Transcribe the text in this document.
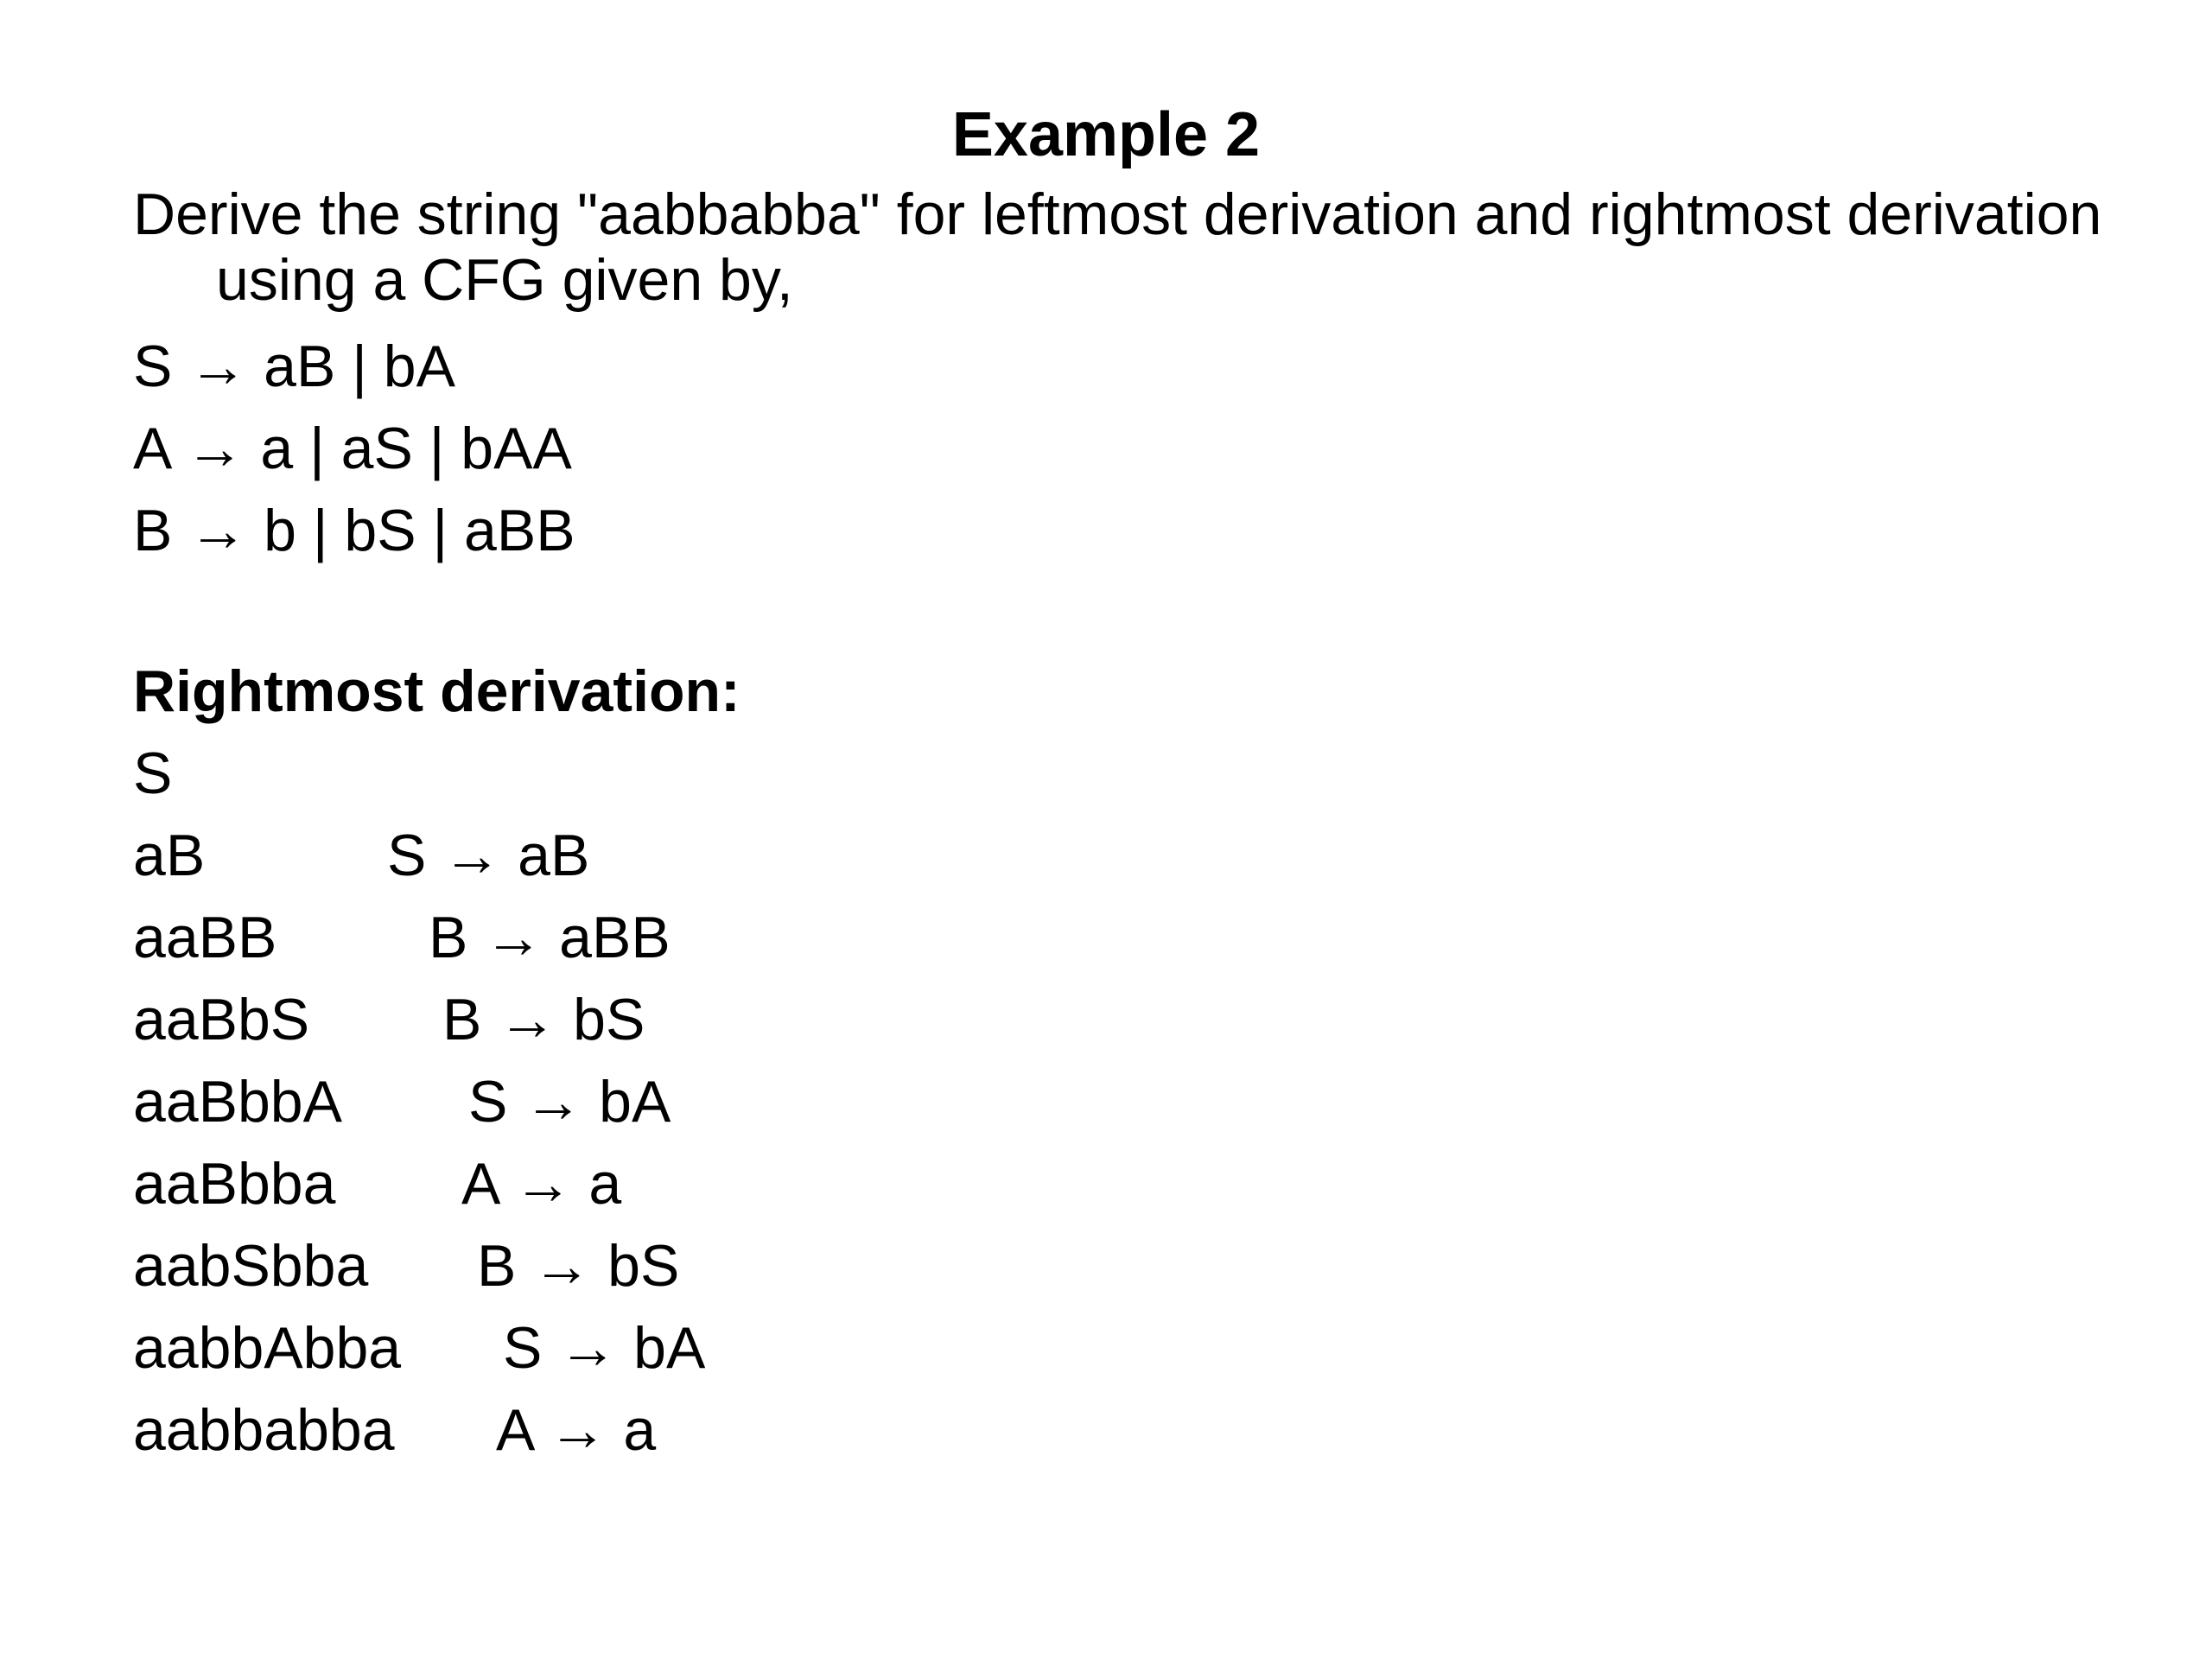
Example 2
Derive the string "aabbabba" for leftmost derivation and rightmost derivation using a CFG given by,
S → aB | bA
A → a | aS | bAA
B → b | bS | aBB
Rightmost derivation:
S
aB	S → aB
aaBB	B → aBB
aaBbS B → bS
aaBbbA S → bA
aaBbba A → a
aabSbba B → bS
aabbAbba S → bA
aabbabba A → a
